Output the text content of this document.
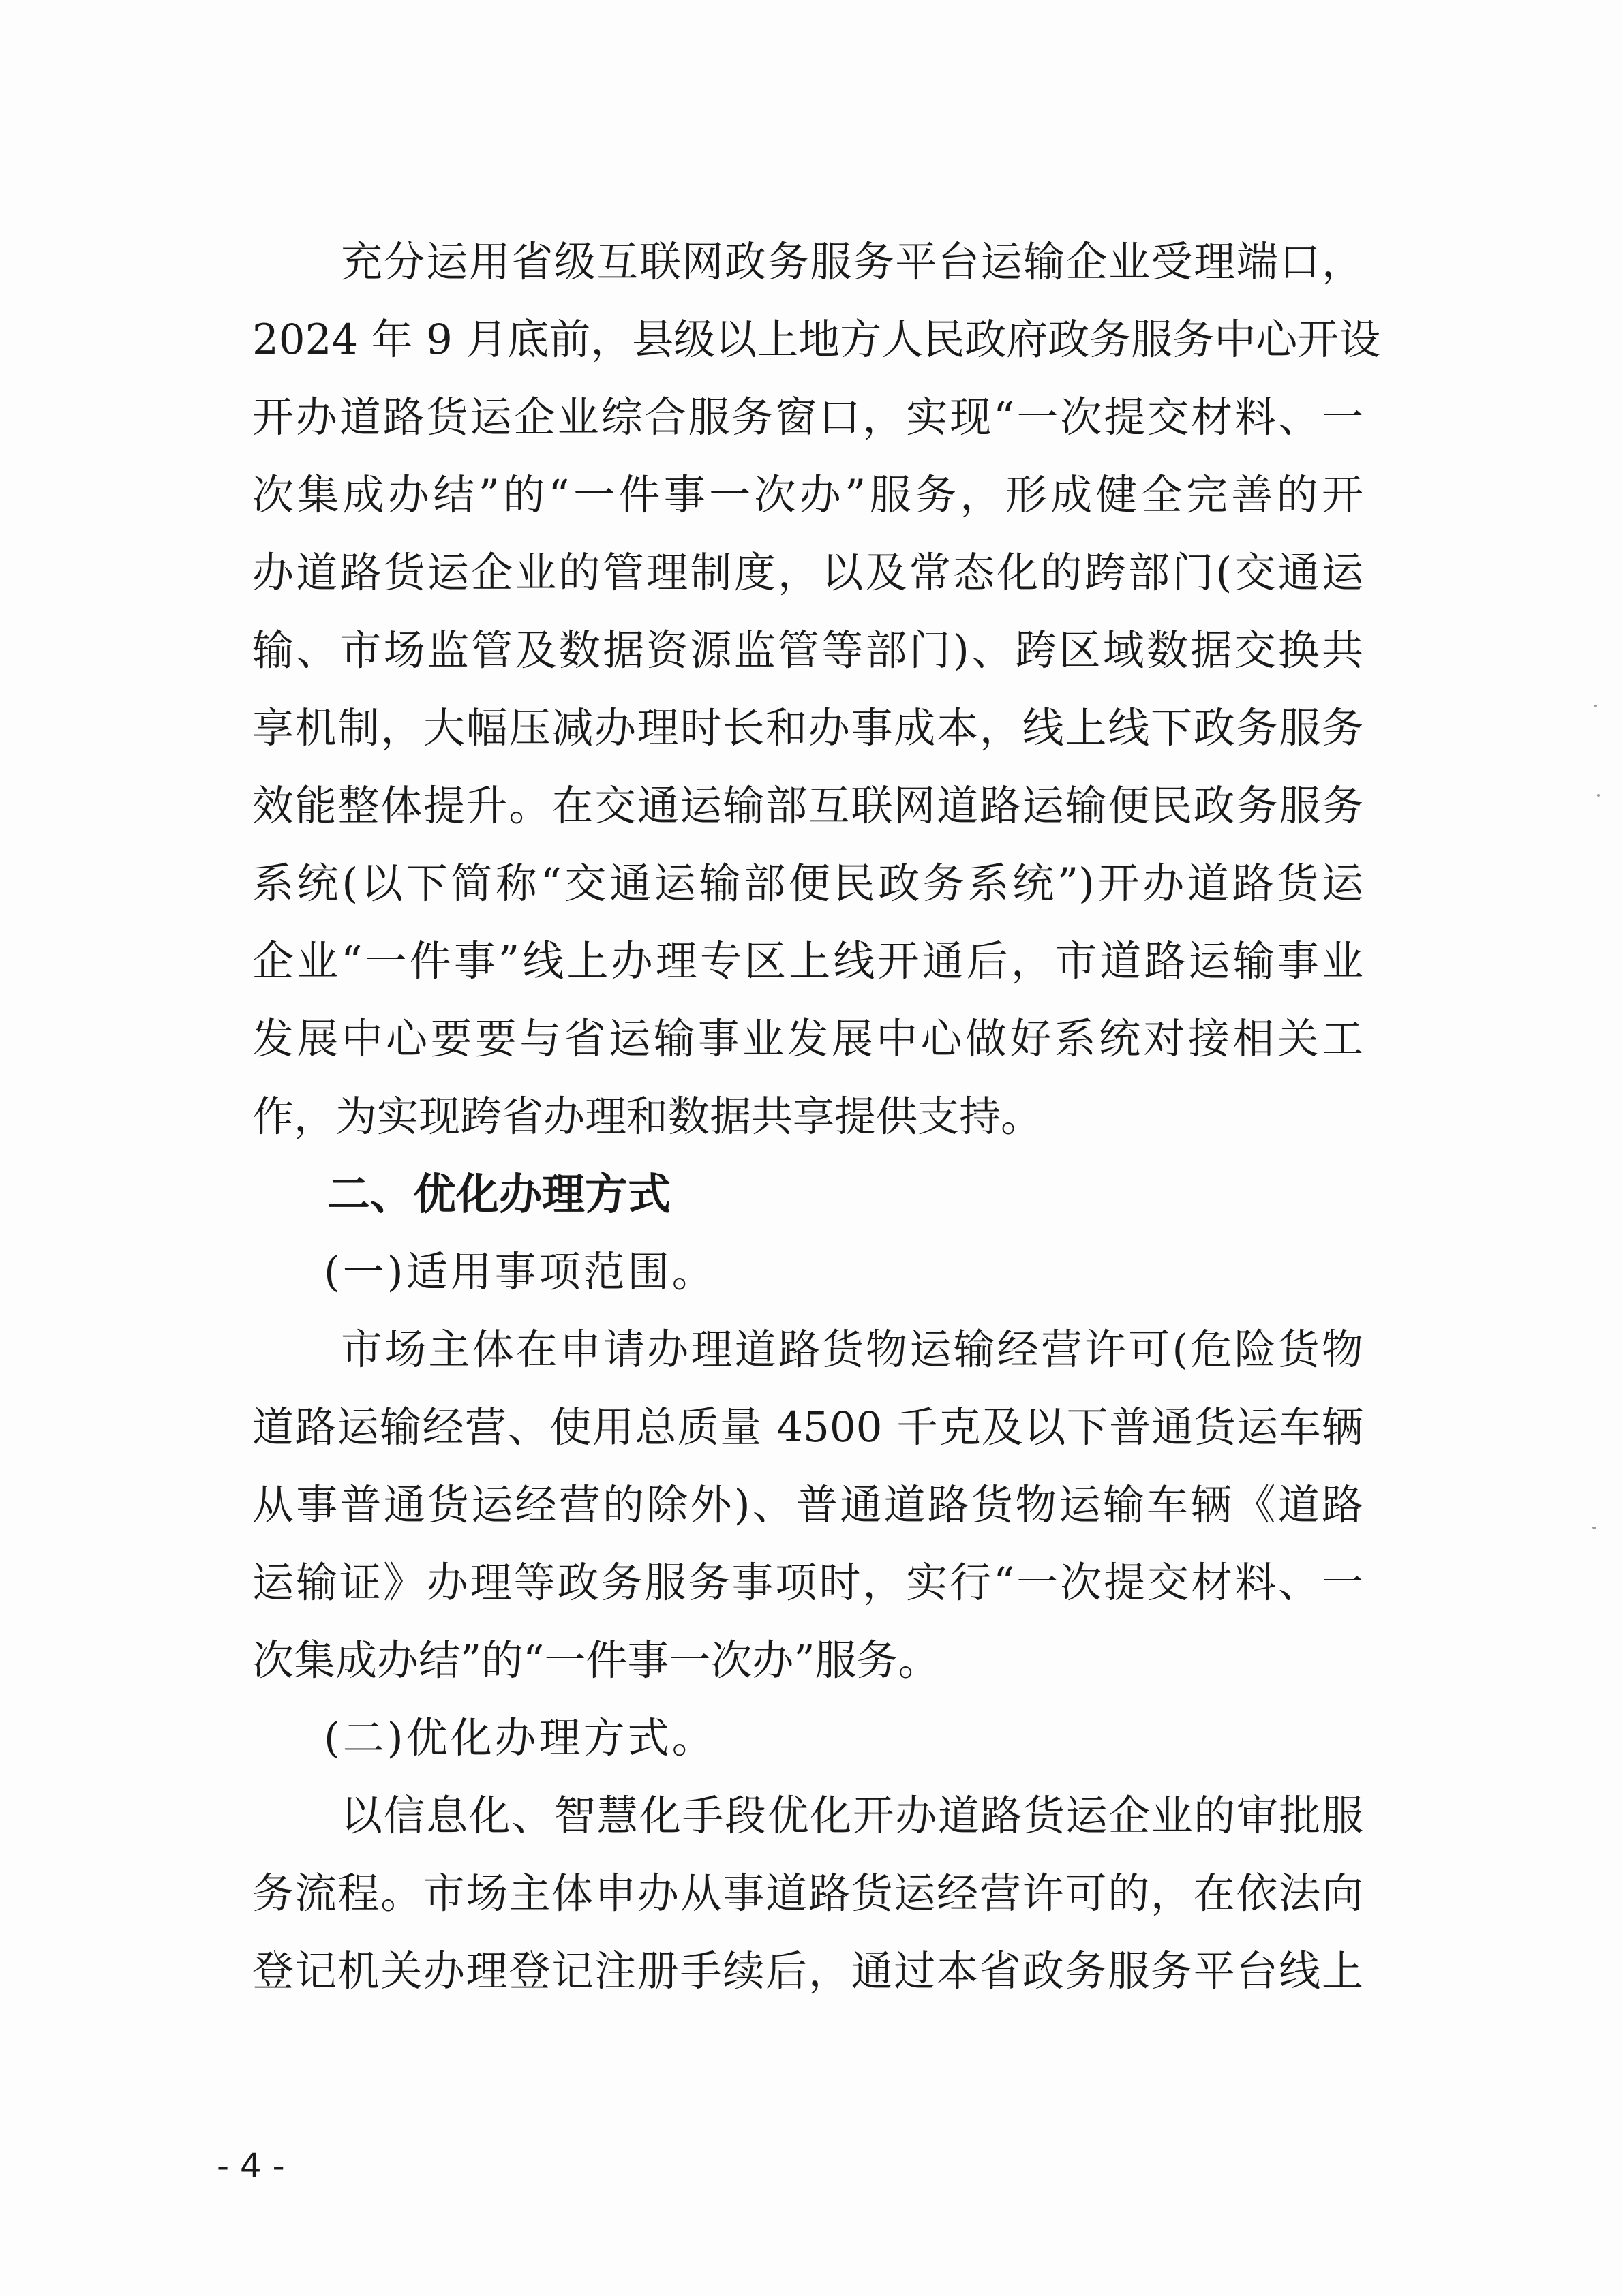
充分运用省级互联网政务服务平台运输企业受理端口，
2024 年 9 月底前，县级以上地方人民政府政务服务中心开设
开办道路货运企业综合服务窗口，实现“一次提交材料、一
次集成办结”的“一件事一次办”服务，形成健全完善的开
办道路货运企业的管理制度，以及常态化的跨部门(交通运
输、市场监管及数据资源监管等部门)、跨区域数据交换共
享机制，大幅压减办理时长和办事成本，线上线下政务服务
效能整体提升。在交通运输部互联网道路运输便民政务服务
系统(以下简称“交通运输部便民政务系统”)开办道路货运
企业“一件事”线上办理专区上线开通后，市道路运输事业
发展中心要要与省运输事业发展中心做好系统对接相关工
作，为实现跨省办理和数据共享提供支持。
二、优化办理方式
(一)适用事项范围。
市场主体在申请办理道路货物运输经营许可(危险货物
道路运输经营、使用总质量 4500 千克及以下普通货运车辆
从事普通货运经营的除外)、普通道路货物运输车辆《道路
运输证》办理等政务服务事项时，实行“一次提交材料、一
次集成办结”的“一件事一次办”服务。
(二)优化办理方式。
以信息化、智慧化手段优化开办道路货运企业的审批服
务流程。市场主体申办从事道路货运经营许可的，在依法向
登记机关办理登记注册手续后，通过本省政务服务平台线上
- 4 -
